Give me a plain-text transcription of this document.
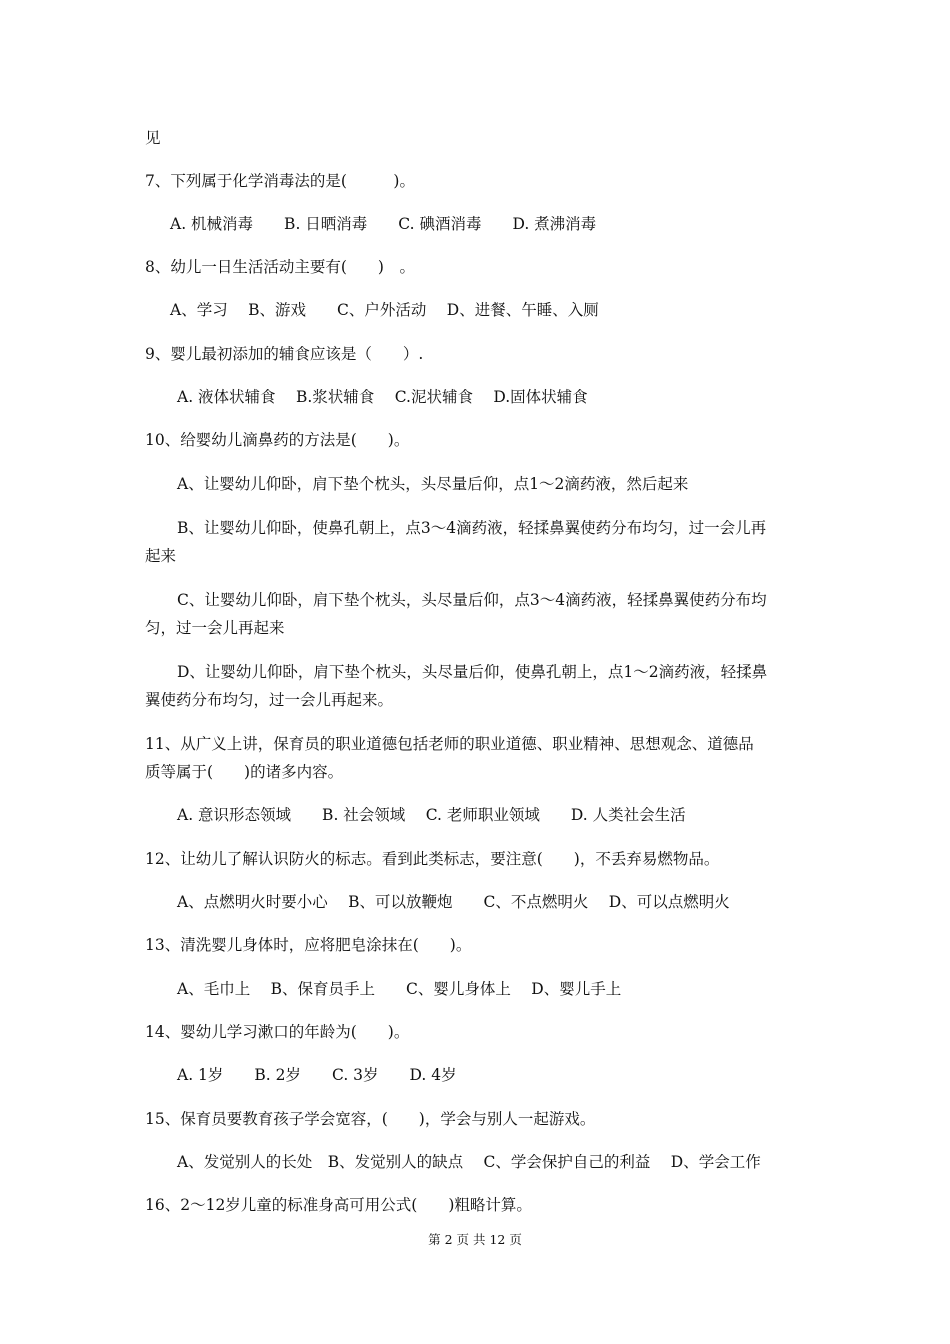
见
7、下列属于化学消毒法的是(　　　)。
A. 机械消毒　　B. 日晒消毒　　C. 碘酒消毒　　D. 煮沸消毒
8、幼儿一日生活活动主要有(　　)　。
A、学习　 B、游戏　　C、户外活动　 D、进餐、午睡、入厕
9、婴儿最初添加的辅食应该是（　　）.
A. 液体状辅食　 B.浆状辅食　 C.泥状辅食　 D.固体状辅食
10、给婴幼儿滴鼻药的方法是(　　)。
A、让婴幼儿仰卧，肩下垫个枕头，头尽量后仰，点1～2滴药液，然后起来
B、让婴幼儿仰卧，使鼻孔朝上，点3～4滴药液，轻揉鼻翼使药分布均匀，过一会儿再
起来
C、让婴幼儿仰卧，肩下垫个枕头，头尽量后仰，点3～4滴药液，轻揉鼻翼使药分布均
匀，过一会儿再起来
D、让婴幼儿仰卧，肩下垫个枕头，头尽量后仰，使鼻孔朝上，点1～2滴药液，轻揉鼻
翼使药分布均匀，过一会儿再起来。
11、从广义上讲，保育员的职业道德包括老师的职业道德、职业精神、思想观念、道德品
质等属于(　　)的诸多内容。
A. 意识形态领域　　B. 社会领域　 C. 老师职业领域　　D. 人类社会生活
12、让幼儿了解认识防火的标志。看到此类标志，要注意(　　)，不丢弃易燃物品。
A、点燃明火时要小心　 B、可以放鞭炮　　C、不点燃明火　 D、可以点燃明火
13、清洗婴儿身体时，应将肥皂涂抹在(　　)。
A、毛巾上　 B、保育员手上　　C、婴儿身体上　 D、婴儿手上
14、婴幼儿学习漱口的年龄为(　　)。
A. 1岁　　B. 2岁　　C. 3岁　　D. 4岁
15、保育员要教育孩子学会宽容，(　　)，学会与别人一起游戏。
A、发觉别人的长处　B、发觉别人的缺点　 C、学会保护自己的利益　 D、学会工作
16、2～12岁儿童的标准身高可用公式(　　)粗略计算。
第 2 页 共 12 页
